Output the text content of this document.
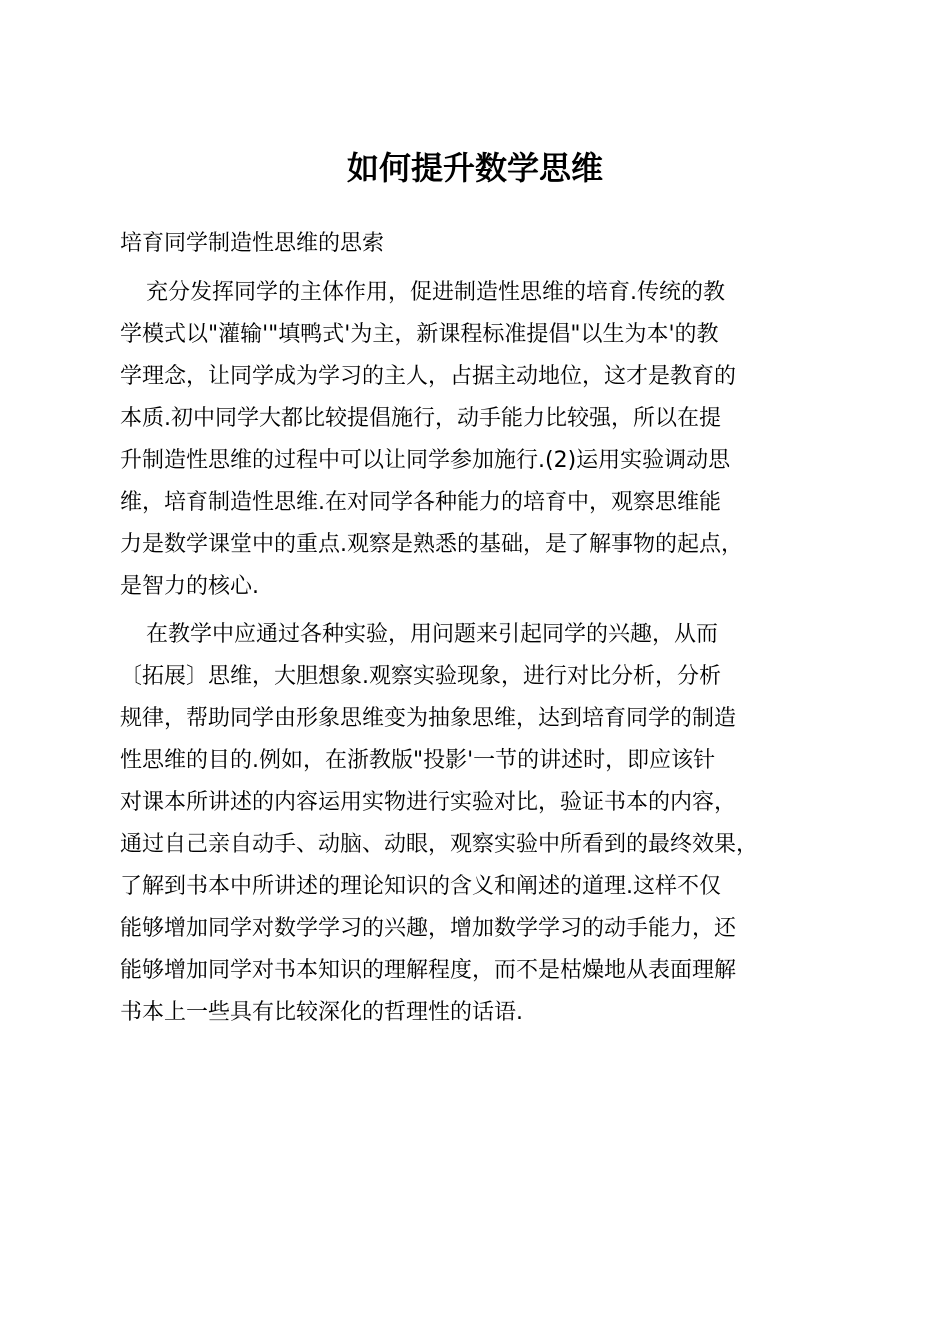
如何提升数学思维
培育同学制造性思维的思索
充分发挥同学的主体作用，促进制造性思维的培育.传统的教
学模式以"灌输'"填鸭式'为主，新课程标准提倡"以生为本'的教
学理念，让同学成为学习的主人，占据主动地位，这才是教育的
本质.初中同学大都比较提倡施行，动手能力比较强，所以在提
升制造性思维的过程中可以让同学参加施行.(2)运用实验调动思
维，培育制造性思维.在对同学各种能力的培育中，观察思维能
力是数学课堂中的重点.观察是熟悉的基础，是了解事物的起点，
是智力的核心.
在教学中应通过各种实验，用问题来引起同学的兴趣，从而
〔拓展〕思维，大胆想象.观察实验现象，进行对比分析，分析
规律，帮助同学由形象思维变为抽象思维，达到培育同学的制造
性思维的目的.例如，在浙教版"投影'一节的讲述时，即应该针
对课本所讲述的内容运用实物进行实验对比，验证书本的内容，
通过自己亲自动手、动脑、动眼，观察实验中所看到的最终效果，
了解到书本中所讲述的理论知识的含义和阐述的道理.这样不仅
能够增加同学对数学学习的兴趣，增加数学学习的动手能力，还
能够增加同学对书本知识的理解程度，而不是枯燥地从表面理解
书本上一些具有比较深化的哲理性的话语.
